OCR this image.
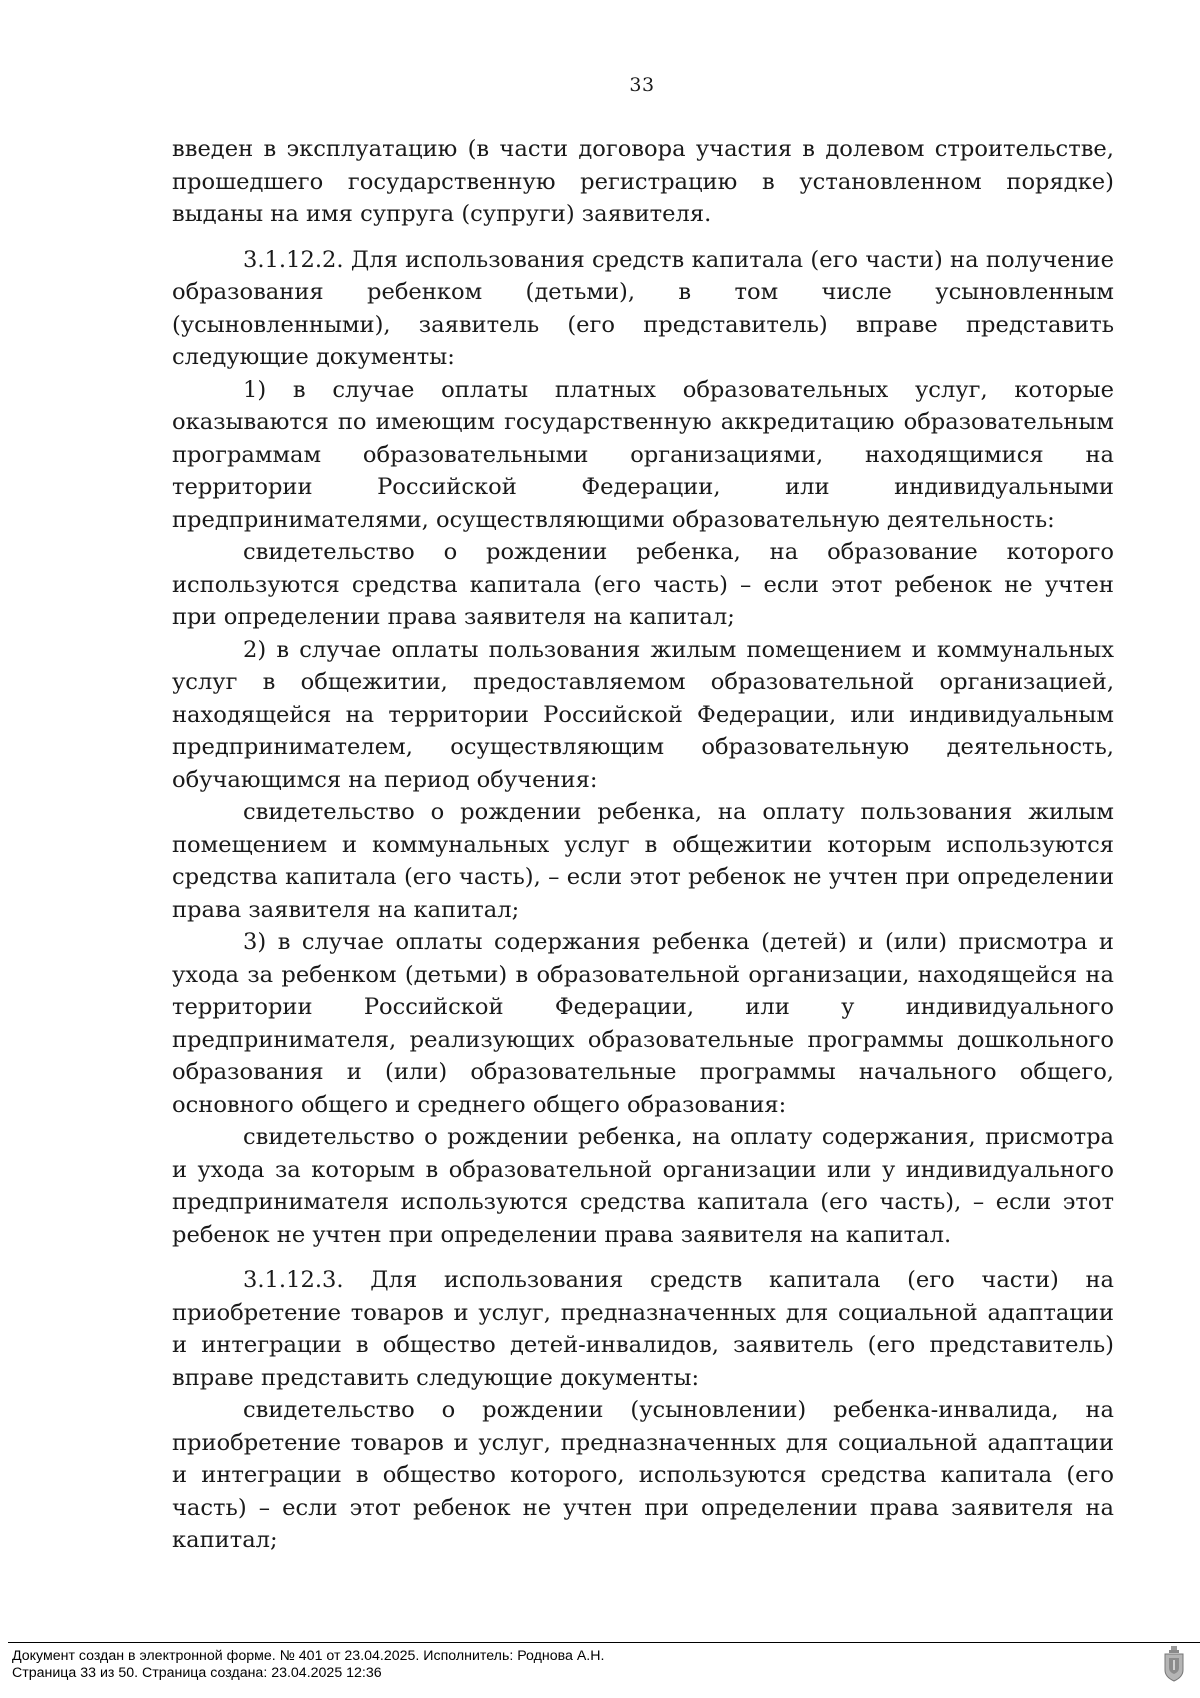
33

введен в эксплуатацию (в части договора участия в долевом строительстве, прошедшего государственную регистрацию в установленном порядке) выданы на имя супруга (супруги) заявителя.

3.1.12.2. Для использования средств капитала (его части) на получение образования ребенком (детьми), в том числе усыновленным (усыновленными), заявитель (его представитель) вправе представить следующие документы:

1) в случае оплаты платных образовательных услуг, которые оказываются по имеющим государственную аккредитацию образовательным программам образовательными организациями, находящимися на территории Российской Федерации, или индивидуальными предпринимателями, осуществляющими образовательную деятельность:

свидетельство о рождении ребенка, на образование которого используются средства капитала (его часть) – если этот ребенок не учтен при определении права заявителя на капитал;

2) в случае оплаты пользования жилым помещением и коммунальных услуг в общежитии, предоставляемом образовательной организацией, находящейся на территории Российской Федерации, или индивидуальным предпринимателем, осуществляющим образовательную деятельность, обучающимся на период обучения:

свидетельство о рождении ребенка, на оплату пользования жилым помещением и коммунальных услуг в общежитии которым используются средства капитала (его часть), – если этот ребенок не учтен при определении права заявителя на капитал;

3) в случае оплаты содержания ребенка (детей) и (или) присмотра и ухода за ребенком (детьми) в образовательной организации, находящейся на территории Российской Федерации, или у индивидуального предпринимателя, реализующих образовательные программы дошкольного образования и (или) образовательные программы начального общего, основного общего и среднего общего образования:

свидетельство о рождении ребенка, на оплату содержания, присмотра и ухода за которым в образовательной организации или у индивидуального предпринимателя используются средства капитала (его часть), – если этот ребенок не учтен при определении права заявителя на капитал.

3.1.12.3. Для использования средств капитала (его части) на приобретение товаров и услуг, предназначенных для социальной адаптации и интеграции в общество детей-инвалидов, заявитель (его представитель) вправе представить следующие документы:

свидетельство о рождении (усыновлении) ребенка-инвалида, на приобретение товаров и услуг, предназначенных для социальной адаптации и интеграции в общество которого, используются средства капитала (его часть) – если этот ребенок не учтен при определении права заявителя на капитал;

Документ создан в электронной форме. № 401 от 23.04.2025. Исполнитель: Роднова А.Н.
Страница 33 из 50. Страница создана: 23.04.2025 12:36
